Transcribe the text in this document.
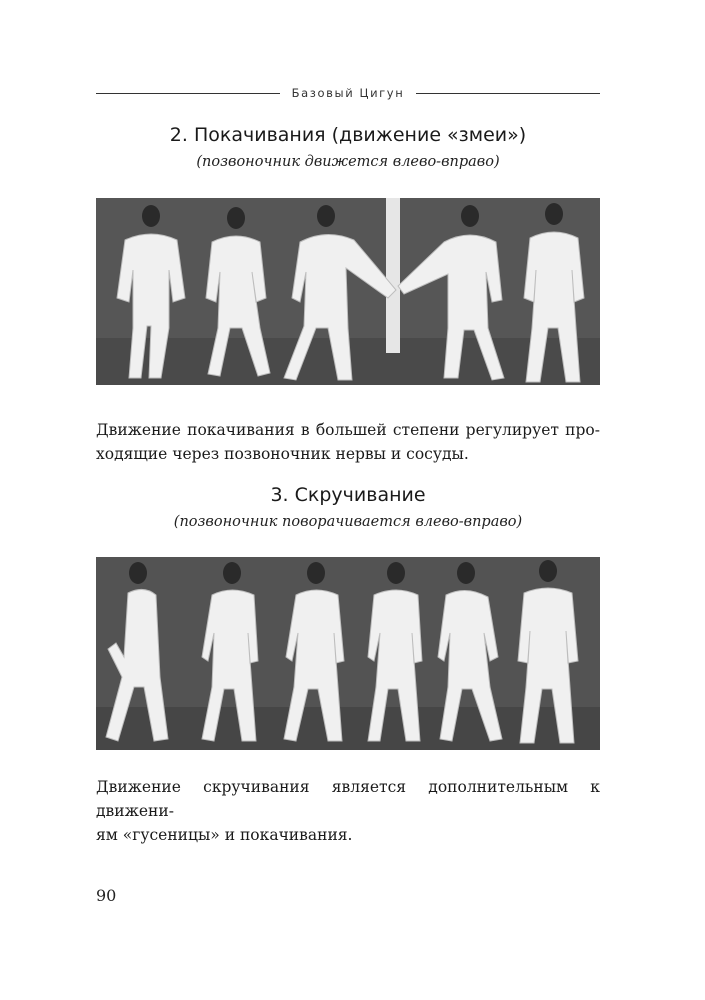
Базовый Цигун
2. Покачивания (движение «змеи»)
(позвоночник движется влево-вправо)
Движение покачивания в большей степени регулирует про-
ходящие через позвоночник нервы и сосуды.
3. Скручивание
(позвоночник поворачивается влево-вправо)
Движение скручивания является дополнительным к движени-
ям «гусеницы» и покачивания.
90
